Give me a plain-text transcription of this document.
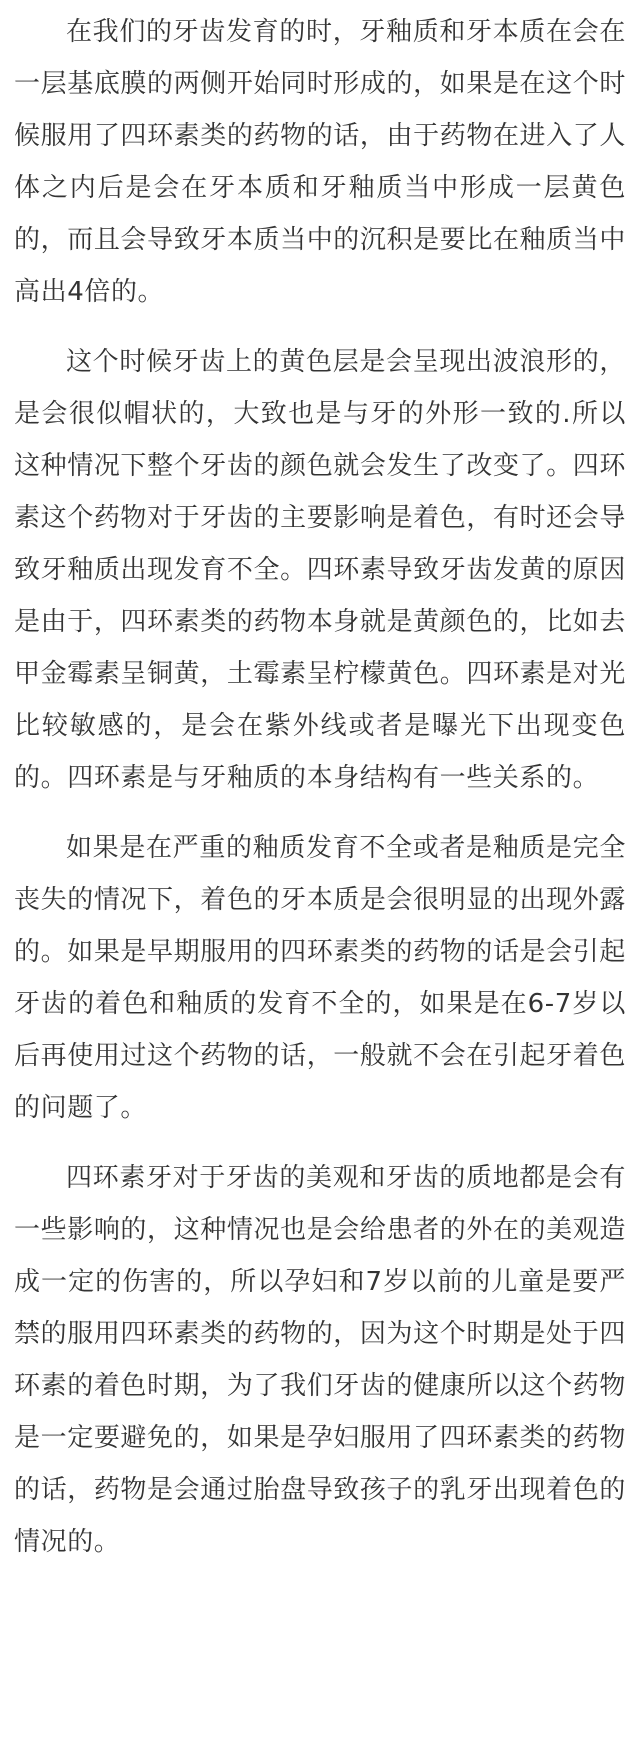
在我们的牙齿发育的时，牙釉质和牙本质在会在一层基底膜的两侧开始同时形成的，如果是在这个时候服用了四环素类的药物的话，由于药物在进入了人体之内后是会在牙本质和牙釉质当中形成一层黄色的，而且会导致牙本质当中的沉积是要比在釉质当中高出4倍的。

这个时候牙齿上的黄色层是会呈现出波浪形的，是会很似帽状的，大致也是与牙的外形一致的.所以这种情况下整个牙齿的颜色就会发生了改变了。四环素这个药物对于牙齿的主要影响是着色，有时还会导致牙釉质出现发育不全。四环素导致牙齿发黄的原因是由于，四环素类的药物本身就是黄颜色的，比如去甲金霉素呈铜黄，土霉素呈柠檬黄色。四环素是对光比较敏感的，是会在紫外线或者是曝光下出现变色的。四环素是与牙釉质的本身结构有一些关系的。

如果是在严重的釉质发育不全或者是釉质是完全丧失的情况下，着色的牙本质是会很明显的出现外露的。如果是早期服用的四环素类的药物的话是会引起牙齿的着色和釉质的发育不全的，如果是在6-7岁以后再使用过这个药物的话，一般就不会在引起牙着色的问题了。

四环素牙对于牙齿的美观和牙齿的质地都是会有一些影响的，这种情况也是会给患者的外在的美观造成一定的伤害的，所以孕妇和7岁以前的儿童是要严禁的服用四环素类的药物的，因为这个时期是处于四环素的着色时期，为了我们牙齿的健康所以这个药物是一定要避免的，如果是孕妇服用了四环素类的药物的话，药物是会通过胎盘导致孩子的乳牙出现着色的情况的。
